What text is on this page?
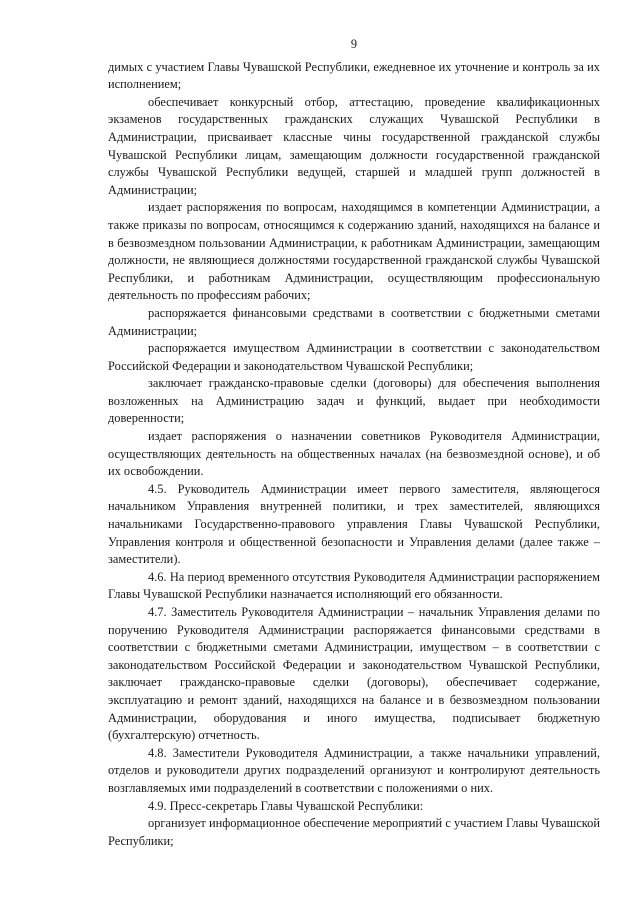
9

димых с участием Главы Чувашской Республики, ежедневное их уточнение и контроль за их исполнением;

обеспечивает конкурсный отбор, аттестацию, проведение квалификационных экзаменов государственных гражданских служащих Чувашской Республики в Администрации, присваивает классные чины государственной гражданской службы Чувашской Республики лицам, замещающим должности государственной гражданской службы Чувашской Республики ведущей, старшей и младшей групп должностей в Администрации;

издает распоряжения по вопросам, находящимся в компетенции Администрации, а также приказы по вопросам, относящимся к содержанию зданий, находящихся на балансе и в безвозмездном пользовании Администрации, к работникам Администрации, замещающим должности, не являющиеся должностями государственной гражданской службы Чувашской Республики, и работникам Администрации, осуществляющим профессиональную деятельность по профессиям рабочих;

распоряжается финансовыми средствами в соответствии с бюджетными сметами Администрации;

распоряжается имуществом Администрации в соответствии с законодательством Российской Федерации и законодательством Чувашской Республики;

заключает гражданско-правовые сделки (договоры) для обеспечения выполнения возложенных на Администрацию задач и функций, выдает при необходимости доверенности;

издает распоряжения о назначении советников Руководителя Администрации, осуществляющих деятельность на общественных началах (на безвозмездной основе), и об их освобождении.

4.5. Руководитель Администрации имеет первого заместителя, являющегося начальником Управления внутренней политики, и трех заместителей, являющихся начальниками Государственно-правового управления Главы Чувашской Республики, Управления контроля и общественной безопасности и Управления делами (далее также – заместители).

4.6. На период временного отсутствия Руководителя Администрации распоряжением Главы Чувашской Республики назначается исполняющий его обязанности.

4.7. Заместитель Руководителя Администрации – начальник Управления делами по поручению Руководителя Администрации распоряжается финансовыми средствами в соответствии с бюджетными сметами Администрации, имуществом – в соответствии с законодательством Российской Федерации и законодательством Чувашской Республики, заключает гражданско-правовые сделки (договоры), обеспечивает содержание, эксплуатацию и ремонт зданий, находящихся на балансе и в безвозмездном пользовании Администрации, оборудования и иного имущества, подписывает бюджетную (бухгалтерскую) отчетность.

4.8. Заместители Руководителя Администрации, а также начальники управлений, отделов и руководители других подразделений организуют и контролируют деятельность возглавляемых ими подразделений в соответствии с положениями о них.

4.9. Пресс-секретарь Главы Чувашской Республики:

организует информационное обеспечение мероприятий с участием Главы Чувашской Республики;
